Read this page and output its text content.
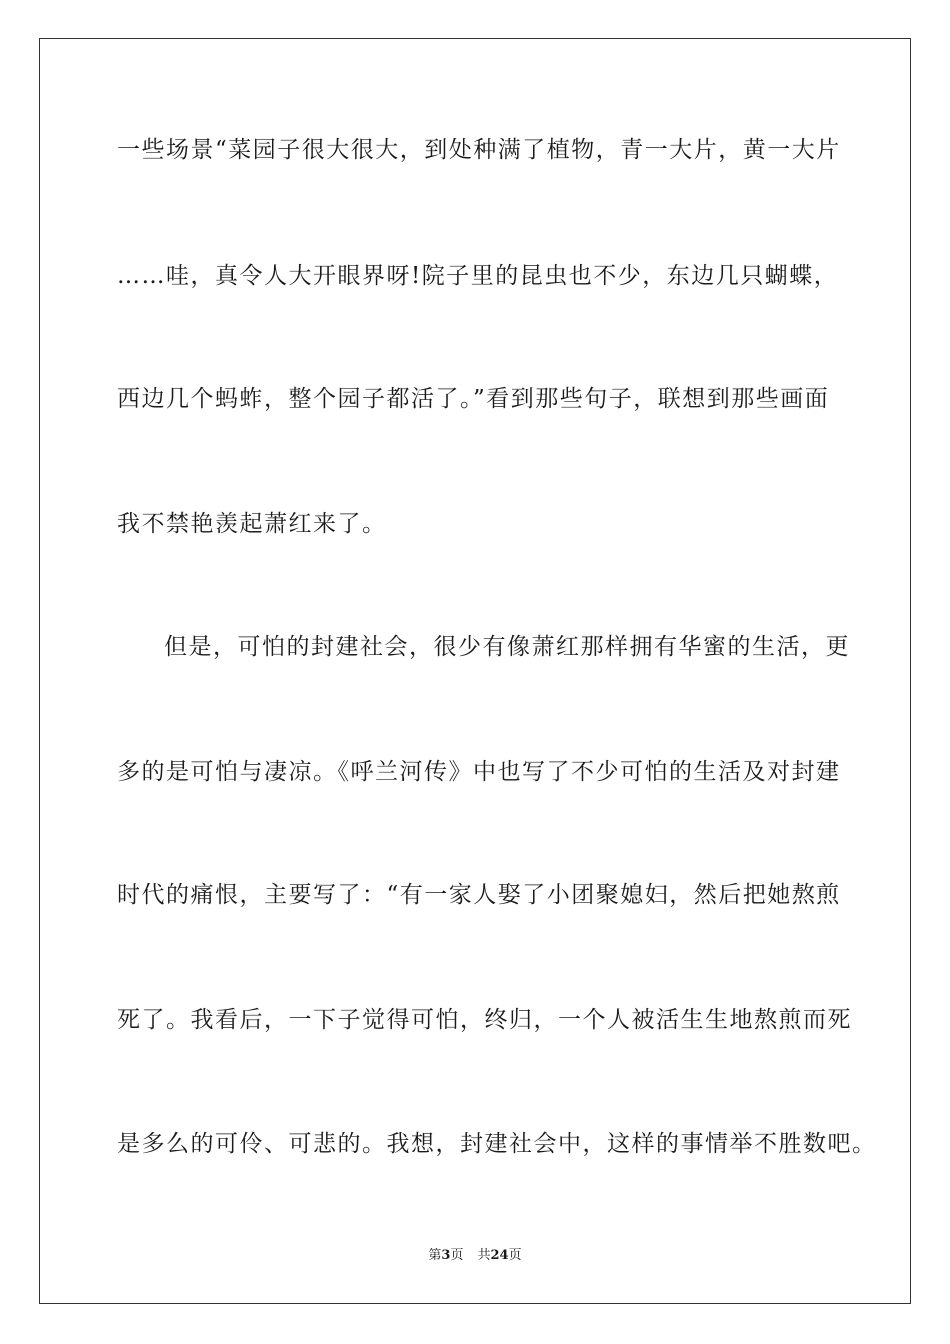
一些场景“菜园子很大很大，到处种满了植物，青一大片，黄一大片
……哇，真令人大开眼界呀!院子里的昆虫也不少，东边几只蝴蝶，
西边几个蚂蚱，整个园子都活了。”看到那些句子，联想到那些画面
我不禁艳羡起萧红来了。
但是，可怕的封建社会，很少有像萧红那样拥有华蜜的生活，更
多的是可怕与凄凉。《呼兰河传》中也写了不少可怕的生活及对封建
时代的痛恨，主要写了：“有一家人娶了小团聚媳妇，然后把她熬煎
死了。我看后，一下子觉得可怕，终归，一个人被活生生地熬煎而死
是多么的可伶、可悲的。我想，封建社会中，这样的事情举不胜数吧。
第3页 共24页
